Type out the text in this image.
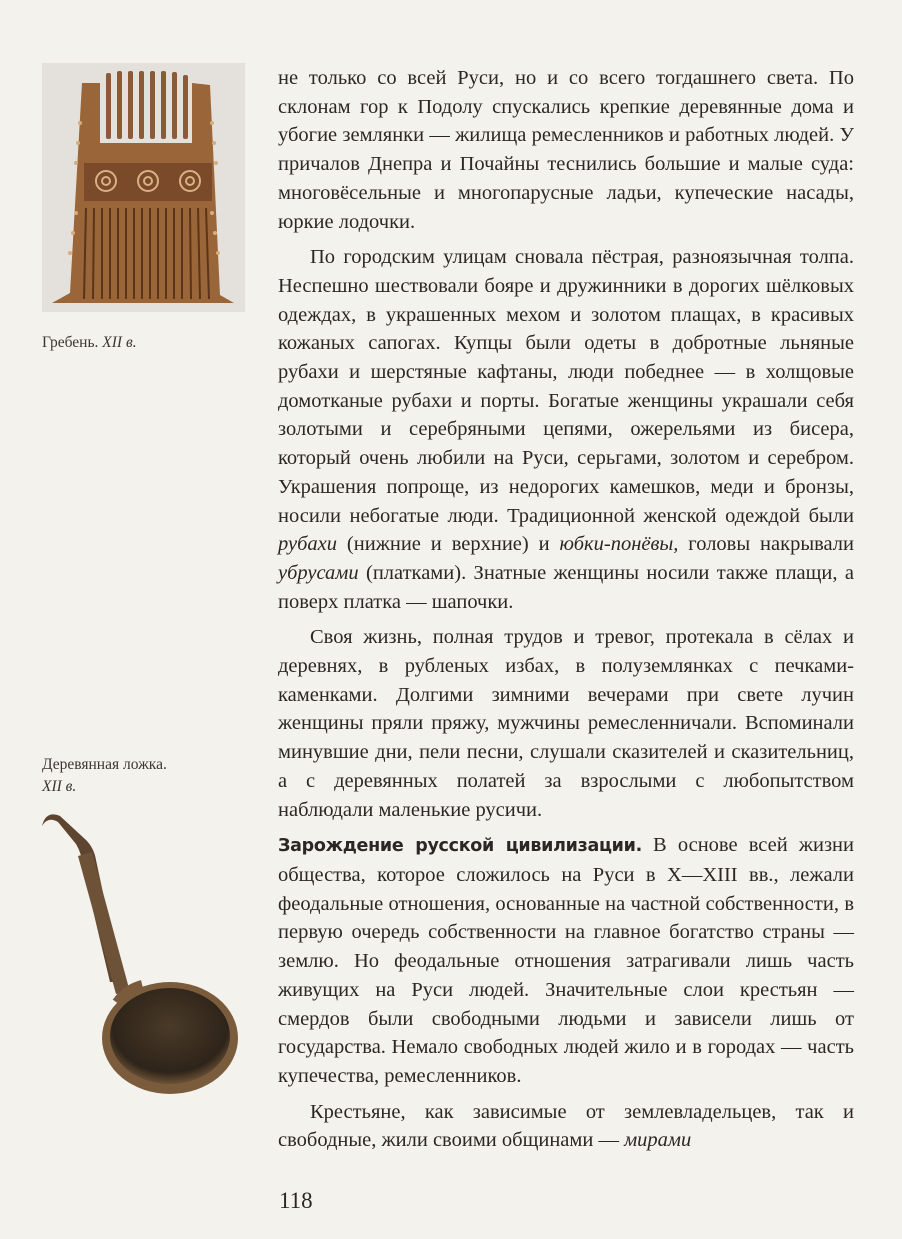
Гребень. XII в.
Деревянная ложка.
XII в.

не только со всей Руси, но и со всего тогдашнего света. По склонам гор к Подолу спускались крепкие деревянные дома и убогие землянки — жилища ремесленников и работных людей. У причалов Днепра и Почайны теснились большие и малые суда: многовёсельные и многопарусные ладьи, купеческие насады, юркие лодочки.

По городским улицам сновала пёстрая, разноязычная толпа. Неспешно шествовали бояре и дружинники в дорогих шёлковых одеждах, в украшенных мехом и золотом плащах, в красивых кожаных сапогах. Купцы были одеты в добротные льняные рубахи и шерстяные кафтаны, люди победнее — в холщовые домотканые рубахи и порты. Богатые женщины украшали себя золотыми и серебряными цепями, ожерельями из бисера, который очень любили на Руси, серьгами, золотом и серебром. Украшения попроще, из недорогих камешков, меди и бронзы, носили небогатые люди. Традиционной женской одеждой были рубахи (нижние и верхние) и юбки-понёвы, головы накрывали убрусами (платками). Знатные женщины носили также плащи, а поверх платка — шапочки.

Своя жизнь, полная трудов и тревог, протекала в сёлах и деревнях, в рубленых избах, в полуземлянках с печками-каменками. Долгими зимними вечерами при свете лучин женщины пряли пряжу, мужчины ремесленничали. Вспоминали минувшие дни, пели песни, слушали сказителей и сказительниц, а с деревянных полатей за взрослыми с любопытством наблюдали маленькие русичи.

Зарождение русской цивилизации. В основе всей жизни общества, которое сложилось на Руси в X—XIII вв., лежали феодальные отношения, основанные на частной собственности, в первую очередь собственности на главное богатство страны — землю. Но феодальные отношения затрагивали лишь часть живущих на Руси людей. Значительные слои крестьян — смердов были свободными людьми и зависели лишь от государства. Немало свободных людей жило и в городах — часть купечества, ремесленников.

Крестьяне, как зависимые от землевладельцев, так и свободные, жили своими общинами — мирами

118
